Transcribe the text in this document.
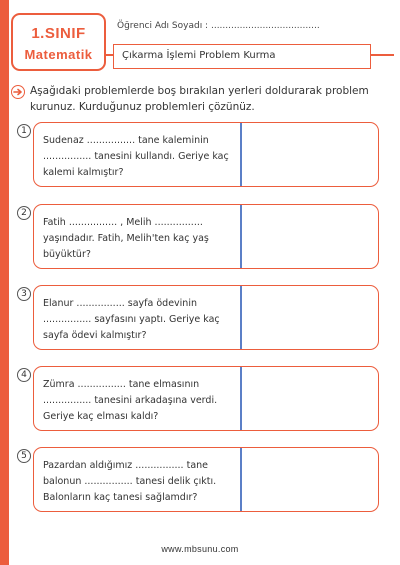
1.SINIF
Matematik
Öğrenci Adı Soyadı : ......................................
Çıkarma İşlemi Problem Kurma
Aşağıdaki problemlerde boş bırakılan yerleri doldurarak problem kurunuz. Kurduğunuz problemleri çözünüz.
1
Sudenaz ................ tane kaleminin ................ tanesini kullandı. Geriye kaç kalemi kalmıştır?
2
Fatih ................ , Melih ................ yaşındadır. Fatih, Melih'ten kaç yaş büyüktür?
3
Elanur ................ sayfa ödevinin ................ sayfasını yaptı. Geriye kaç sayfa ödevi kalmıştır?
4
Zümra ................ tane elmasının ................ tanesini arkadaşına verdi. Geriye kaç elması kaldı?
5
Pazardan aldığımız ................ tane balonun ................ tanesi delik çıktı. Balonların kaç tanesi sağlamdır?
www.mbsunu.com
